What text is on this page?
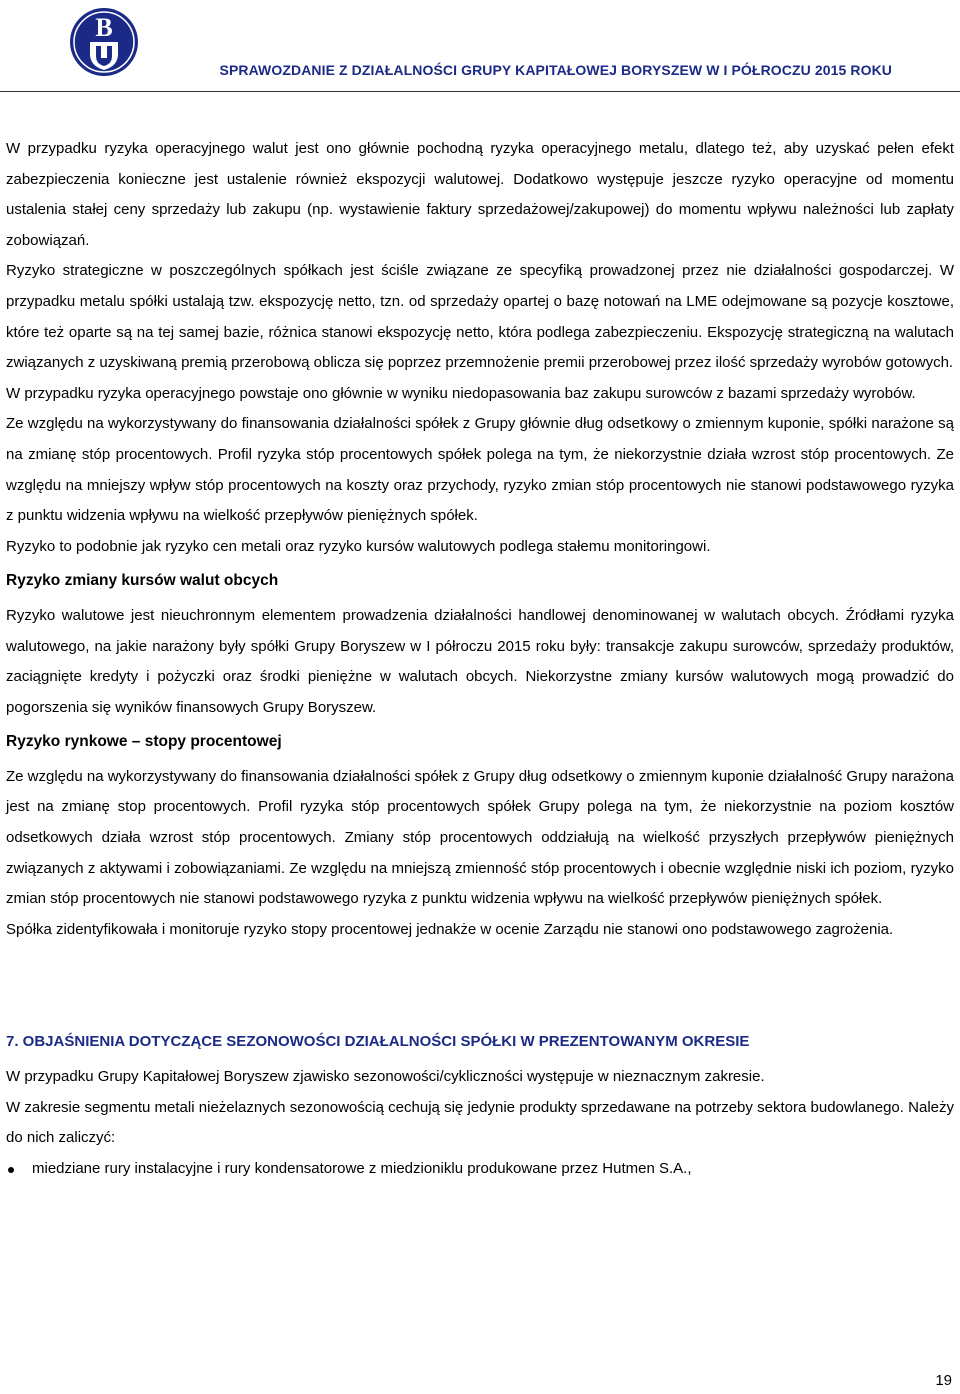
B
SPRAWOZDANIE Z DZIAŁALNOŚCI GRUPY KAPITAŁOWEJ BORYSZEW W I PÓŁROCZU 2015 ROKU

W przypadku ryzyka operacyjnego walut jest ono głównie pochodną ryzyka operacyjnego metalu, dlatego też, aby uzyskać pełen efekt zabezpieczenia konieczne jest ustalenie również ekspozycji walutowej. Dodatkowo występuje jeszcze ryzyko operacyjne od momentu ustalenia stałej ceny sprzedaży lub zakupu (np. wystawienie faktury sprzedażowej/zakupowej) do momentu wpływu należności lub zapłaty zobowiązań.

Ryzyko strategiczne w poszczególnych spółkach jest ściśle związane ze specyfiką prowadzonej przez nie działalności gospodarczej. W przypadku metalu spółki ustalają tzw. ekspozycję netto, tzn. od sprzedaży opartej o bazę notowań na LME odejmowane są pozycje kosztowe, które też oparte są na tej samej bazie, różnica stanowi ekspozycję netto, która podlega zabezpieczeniu. Ekspozycję strategiczną na walutach związanych z uzyskiwaną premią przerobową oblicza się poprzez przemnożenie premii przerobowej przez ilość sprzedaży wyrobów gotowych.

W przypadku ryzyka operacyjnego powstaje ono głównie w wyniku niedopasowania baz zakupu surowców z bazami sprzedaży wyrobów.

Ze względu na wykorzystywany do finansowania działalności spółek z Grupy głównie dług odsetkowy o zmiennym kuponie, spółki narażone są na zmianę stóp procentowych. Profil ryzyka stóp procentowych spółek polega na tym, że niekorzystnie działa wzrost stóp procentowych. Ze względu na mniejszy wpływ stóp procentowych na koszty oraz przychody, ryzyko zmian stóp procentowych nie stanowi podstawowego ryzyka z punktu widzenia wpływu na wielkość przepływów pieniężnych spółek.

Ryzyko to podobnie jak ryzyko cen metali oraz ryzyko kursów walutowych podlega stałemu monitoringowi.

Ryzyko zmiany kursów walut obcych

Ryzyko walutowe jest nieuchronnym elementem prowadzenia działalności handlowej denominowanej w walutach obcych. Źródłami ryzyka walutowego, na jakie narażony były spółki Grupy Boryszew w I półroczu 2015 roku były: transakcje zakupu surowców, sprzedaży produktów, zaciągnięte kredyty i pożyczki oraz środki pieniężne w walutach obcych. Niekorzystne zmiany kursów walutowych mogą prowadzić do pogorszenia się wyników finansowych Grupy Boryszew.

Ryzyko rynkowe – stopy procentowej

Ze względu na wykorzystywany do finansowania działalności spółek z Grupy dług odsetkowy o zmiennym kuponie działalność Grupy narażona jest na zmianę stop procentowych. Profil ryzyka stóp procentowych spółek Grupy polega na tym, że niekorzystnie na poziom kosztów odsetkowych działa wzrost stóp procentowych. Zmiany stóp procentowych oddziałują na wielkość przyszłych przepływów pieniężnych związanych z aktywami i zobowiązaniami. Ze względu na mniejszą zmienność stóp procentowych i obecnie względnie niski ich poziom, ryzyko zmian stóp procentowych nie stanowi podstawowego ryzyka z punktu widzenia wpływu na wielkość przepływów pieniężnych spółek.

Spółka zidentyfikowała i monitoruje ryzyko stopy procentowej jednakże w ocenie Zarządu nie stanowi ono podstawowego zagrożenia.

7. OBJAŚNIENIA DOTYCZĄCE SEZONOWOŚCI DZIAŁALNOŚCI SPÓŁKI W PREZENTOWANYM OKRESIE

W przypadku Grupy Kapitałowej Boryszew zjawisko sezonowości/cykliczności występuje w nieznacznym zakresie.

W zakresie segmentu metali nieżelaznych sezonowością cechują się jedynie produkty sprzedawane na potrzeby sektora budowlanego. Należy do nich zaliczyć:

miedziane rury instalacyjne i rury kondensatorowe z miedzioniklu produkowane przez Hutmen S.A.,
19
